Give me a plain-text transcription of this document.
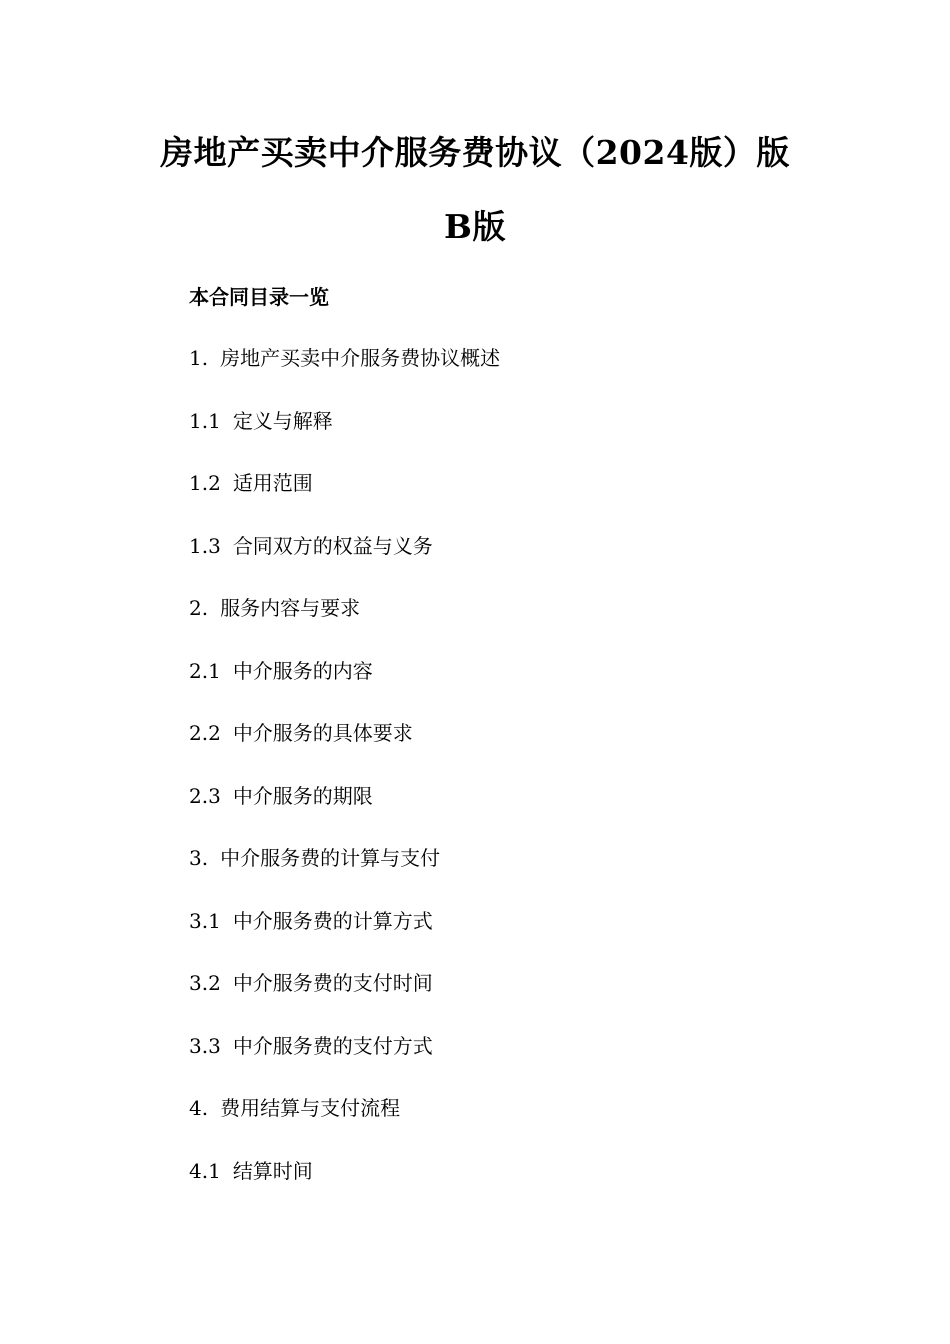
房地产买卖中介服务费协议（2024版）版
B版
本合同目录一览
1. 房地产买卖中介服务费协议概述
1.1 定义与解释
1.2 适用范围
1.3 合同双方的权益与义务
2. 服务内容与要求
2.1 中介服务的内容
2.2 中介服务的具体要求
2.3 中介服务的期限
3. 中介服务费的计算与支付
3.1 中介服务费的计算方式
3.2 中介服务费的支付时间
3.3 中介服务费的支付方式
4. 费用结算与支付流程
4.1 结算时间
